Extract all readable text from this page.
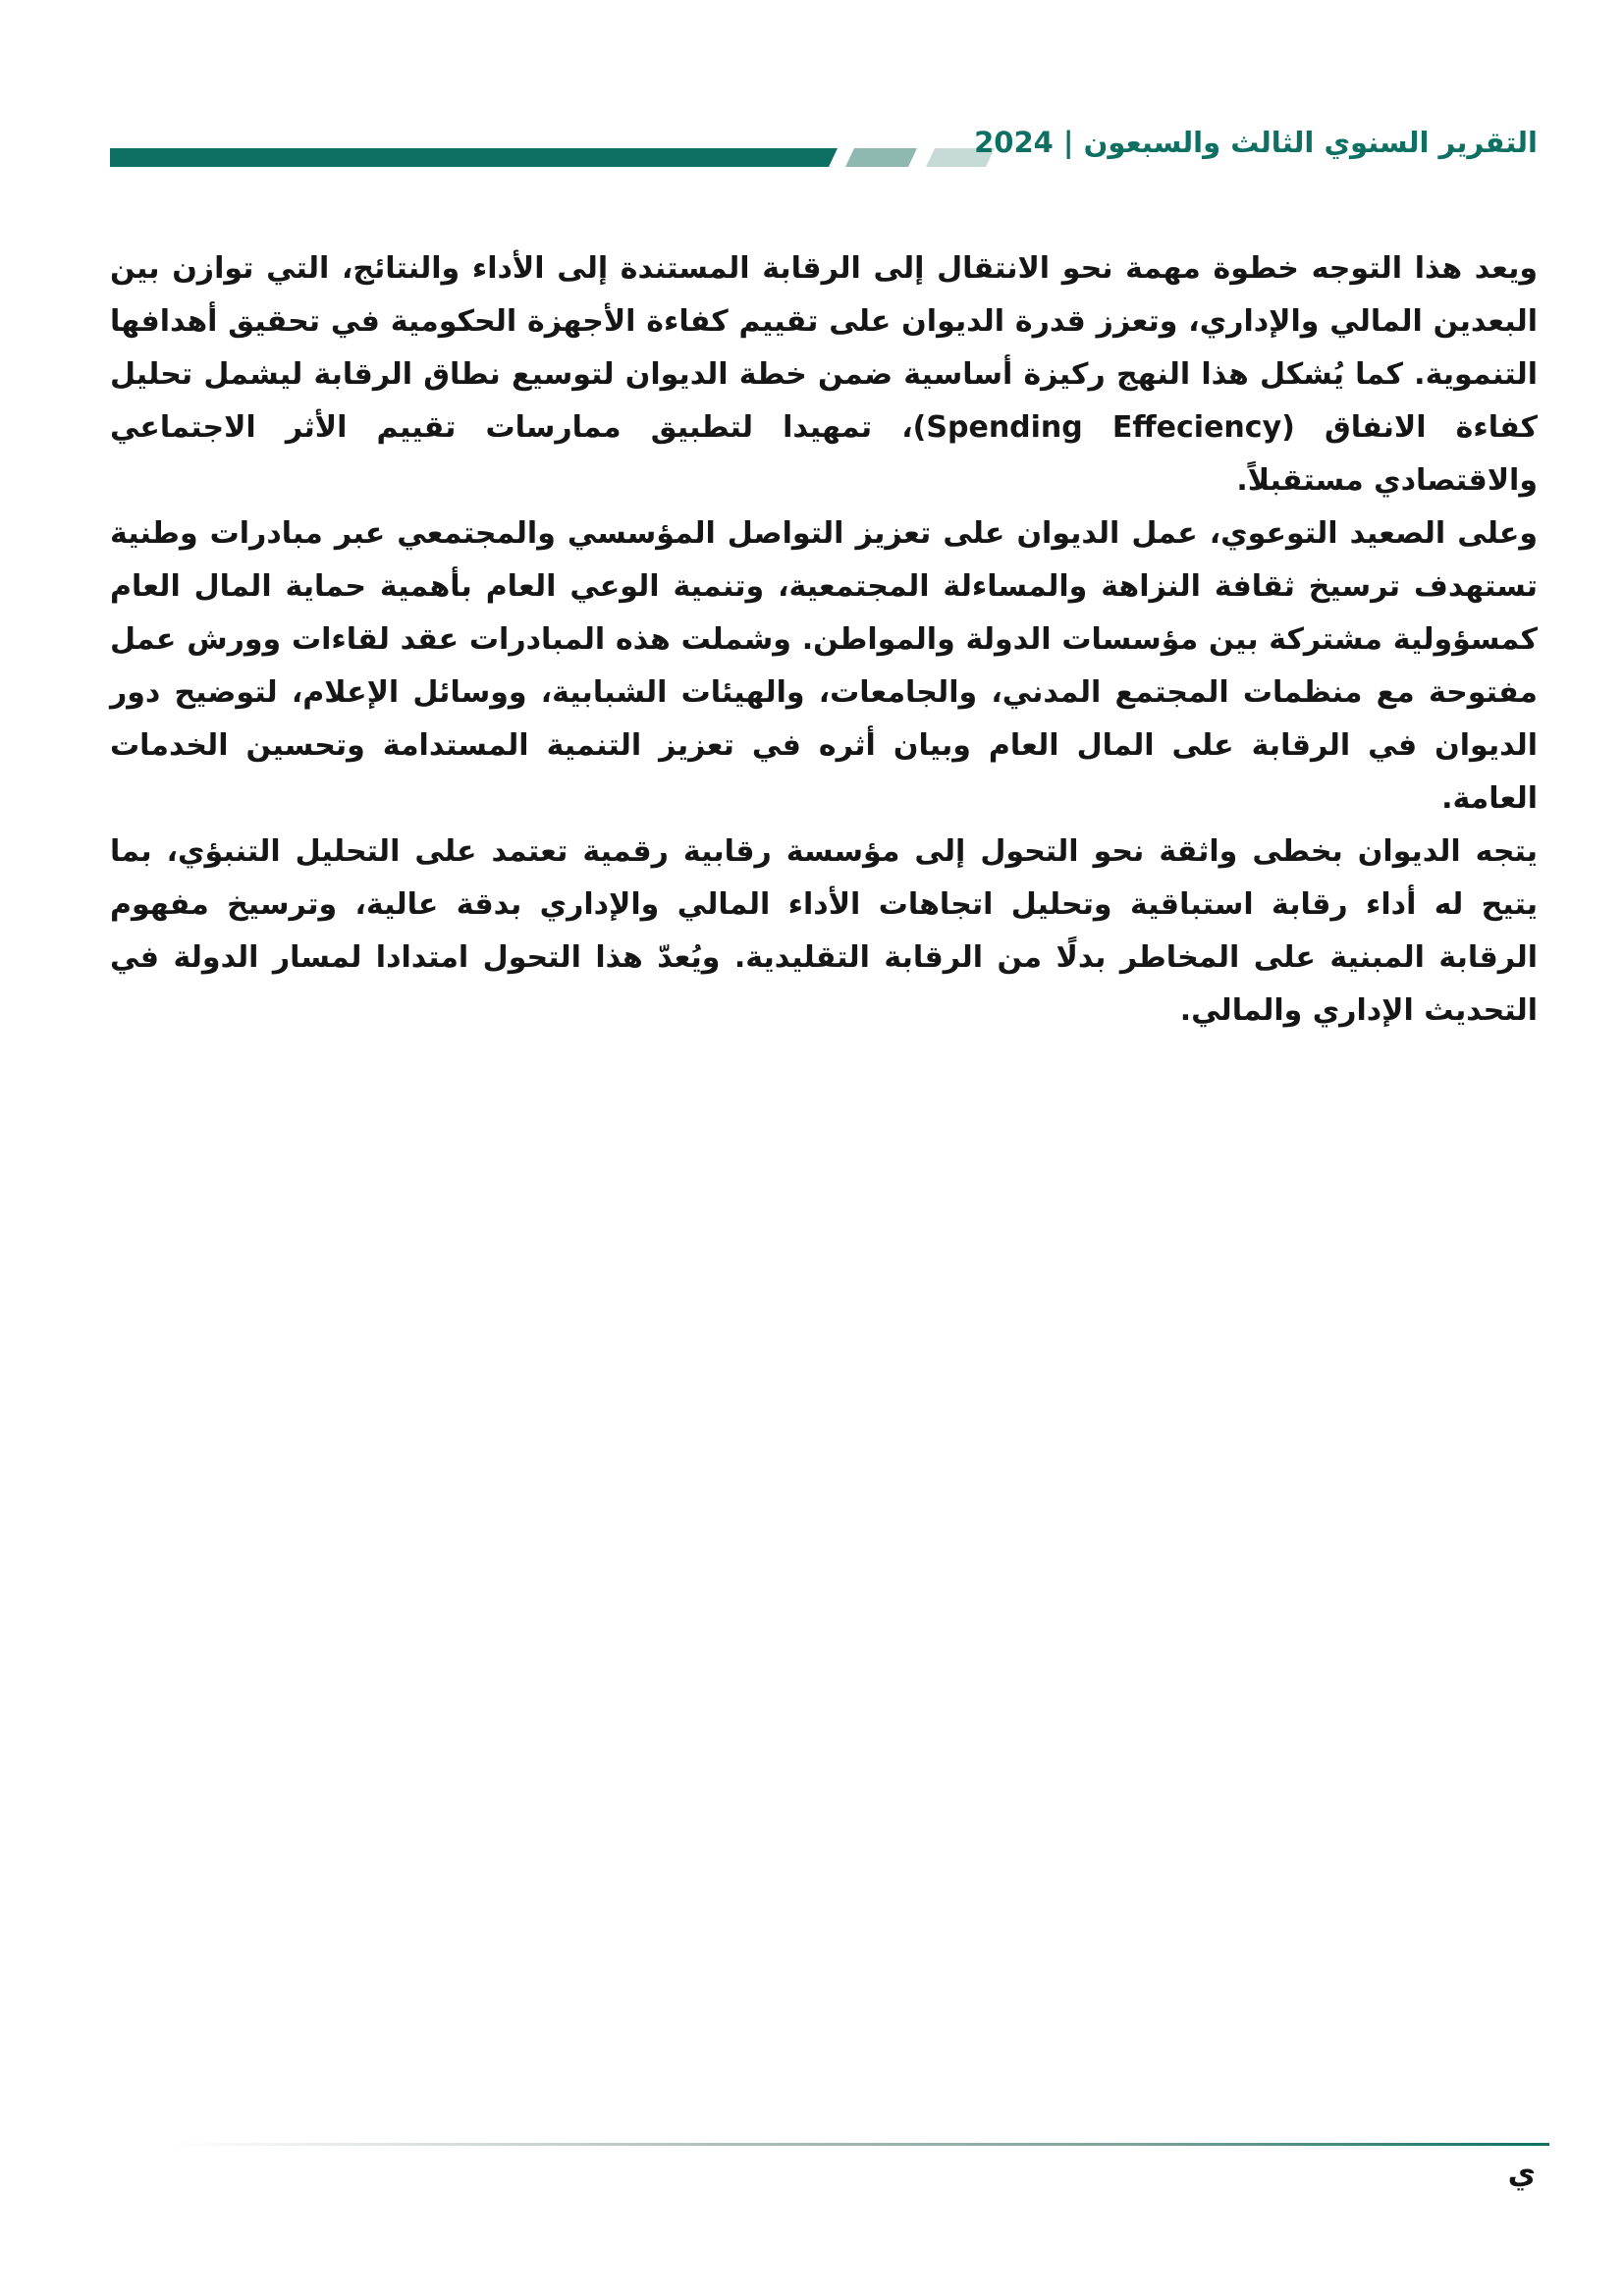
التقرير السنوي الثالث والسبعون | 2024

ويعد هذا التوجه خطوة مهمة نحو الانتقال إلى الرقابة المستندة إلى الأداء والنتائج، التي توازن بين البعدين المالي والإداري، وتعزز قدرة الديوان على تقييم كفاءة الأجهزة الحكومية في تحقيق أهدافها التنموية. كما يُشكل هذا النهج ركيزة أساسية ضمن خطة الديوان لتوسيع نطاق الرقابة ليشمل تحليل كفاءة الانفاق (Spending Effeciency)، تمهيدا لتطبيق ممارسات تقييم الأثر الاجتماعي والاقتصادي مستقبلاً.

وعلى الصعيد التوعوي، عمل الديوان على تعزيز التواصل المؤسسي والمجتمعي عبر مبادرات وطنية تستهدف ترسيخ ثقافة النزاهة والمساءلة المجتمعية، وتنمية الوعي العام بأهمية حماية المال العام كمسؤولية مشتركة بين مؤسسات الدولة والمواطن. وشملت هذه المبادرات عقد لقاءات وورش عمل مفتوحة مع منظمات المجتمع المدني، والجامعات، والهيئات الشبابية، ووسائل الإعلام، لتوضيح دور الديوان في الرقابة على المال العام وبيان أثره في تعزيز التنمية المستدامة وتحسين الخدمات العامة.

يتجه الديوان بخطى واثقة نحو التحول إلى مؤسسة رقابية رقمية تعتمد على التحليل التنبؤي، بما يتيح له أداء رقابة استباقية وتحليل اتجاهات الأداء المالي والإداري بدقة عالية، وترسيخ مفهوم الرقابة المبنية على المخاطر بدلًا من الرقابة التقليدية. ويُعدّ هذا التحول امتدادا لمسار الدولة في التحديث الإداري والمالي.

ي
